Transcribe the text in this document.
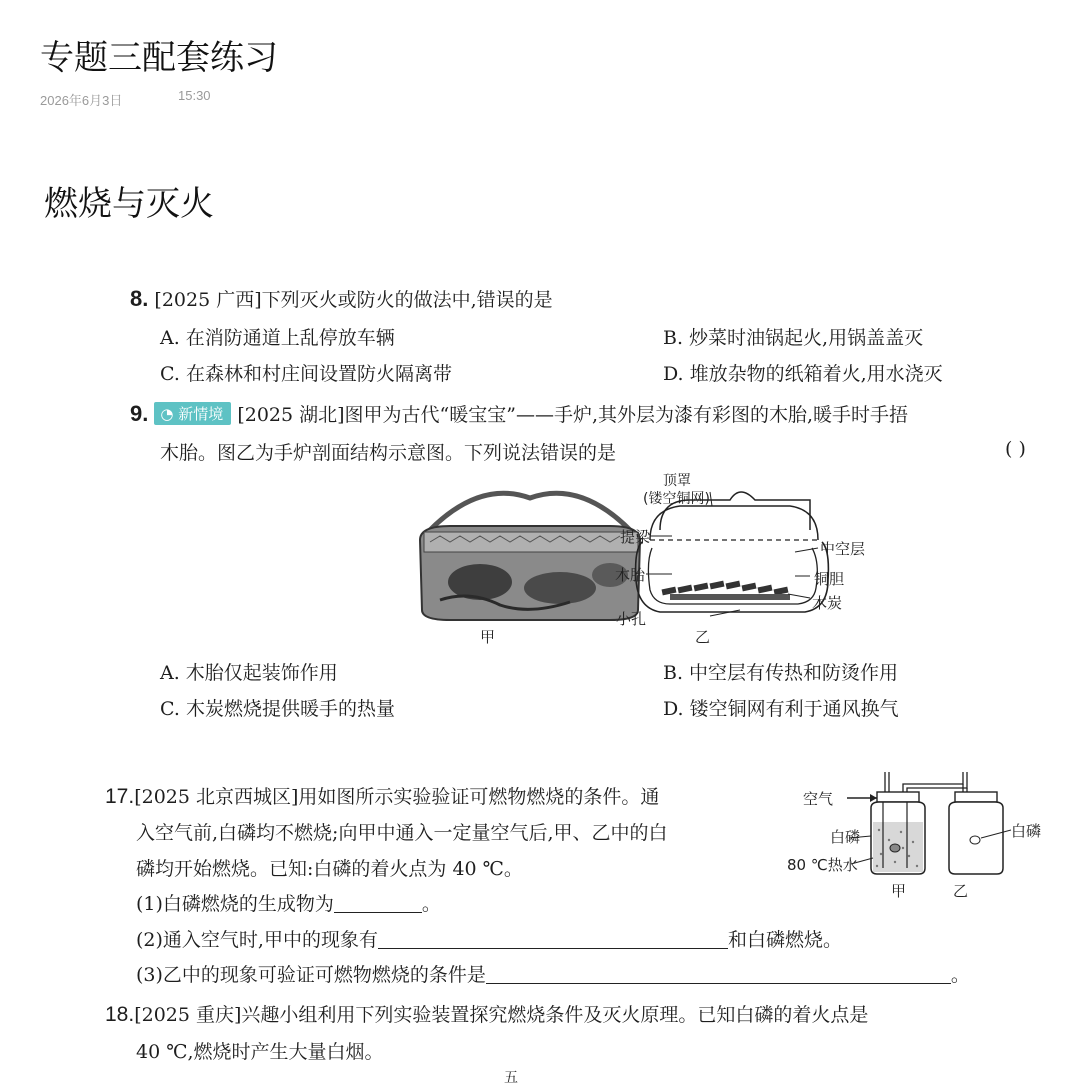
专题三配套练习
2026年6月3日	15:30
燃烧与灭火
8. [2025 广西]下列灭火或防火的做法中,错误的是
A. 在消防通道上乱停放车辆	B. 炒菜时油锅起火,用锅盖盖灭
C. 在森林和村庄间设置防火隔离带	D. 堆放杂物的纸箱着火,用水浇灭
9. ◔ 新情境 [2025 湖北]图甲为古代“暖宝宝”——手炉,其外层为漆有彩图的木胎,暖手时手捂
木胎。图乙为手炉剖面结构示意图。下列说法错误的是	( )
甲	乙
顶罩
(镂空铜网)
提梁
木胎
中空层
铜胆
木炭
小孔
A. 木胎仅起装饰作用	B. 中空层有传热和防烫作用
C. 木炭燃烧提供暖手的热量	D. 镂空铜网有利于通风换气
17.[2025 北京西城区]用如图所示实验验证可燃物燃烧的条件。通
入空气前,白磷均不燃烧;向甲中通入一定量空气后,甲、乙中的白
磷均开始燃烧。已知:白磷的着火点为 40 ℃。
(1)白磷燃烧的生成物为	。
(2)通入空气时,甲中的现象有	和白磷燃烧。
(3)乙中的现象可验证可燃物燃烧的条件是	。
空气
白磷
80 ℃热水
白磷
甲	乙
18.[2025 重庆]兴趣小组利用下列实验装置探究燃烧条件及灭火原理。已知白磷的着火点是
40 ℃,燃烧时产生大量白烟。
五
